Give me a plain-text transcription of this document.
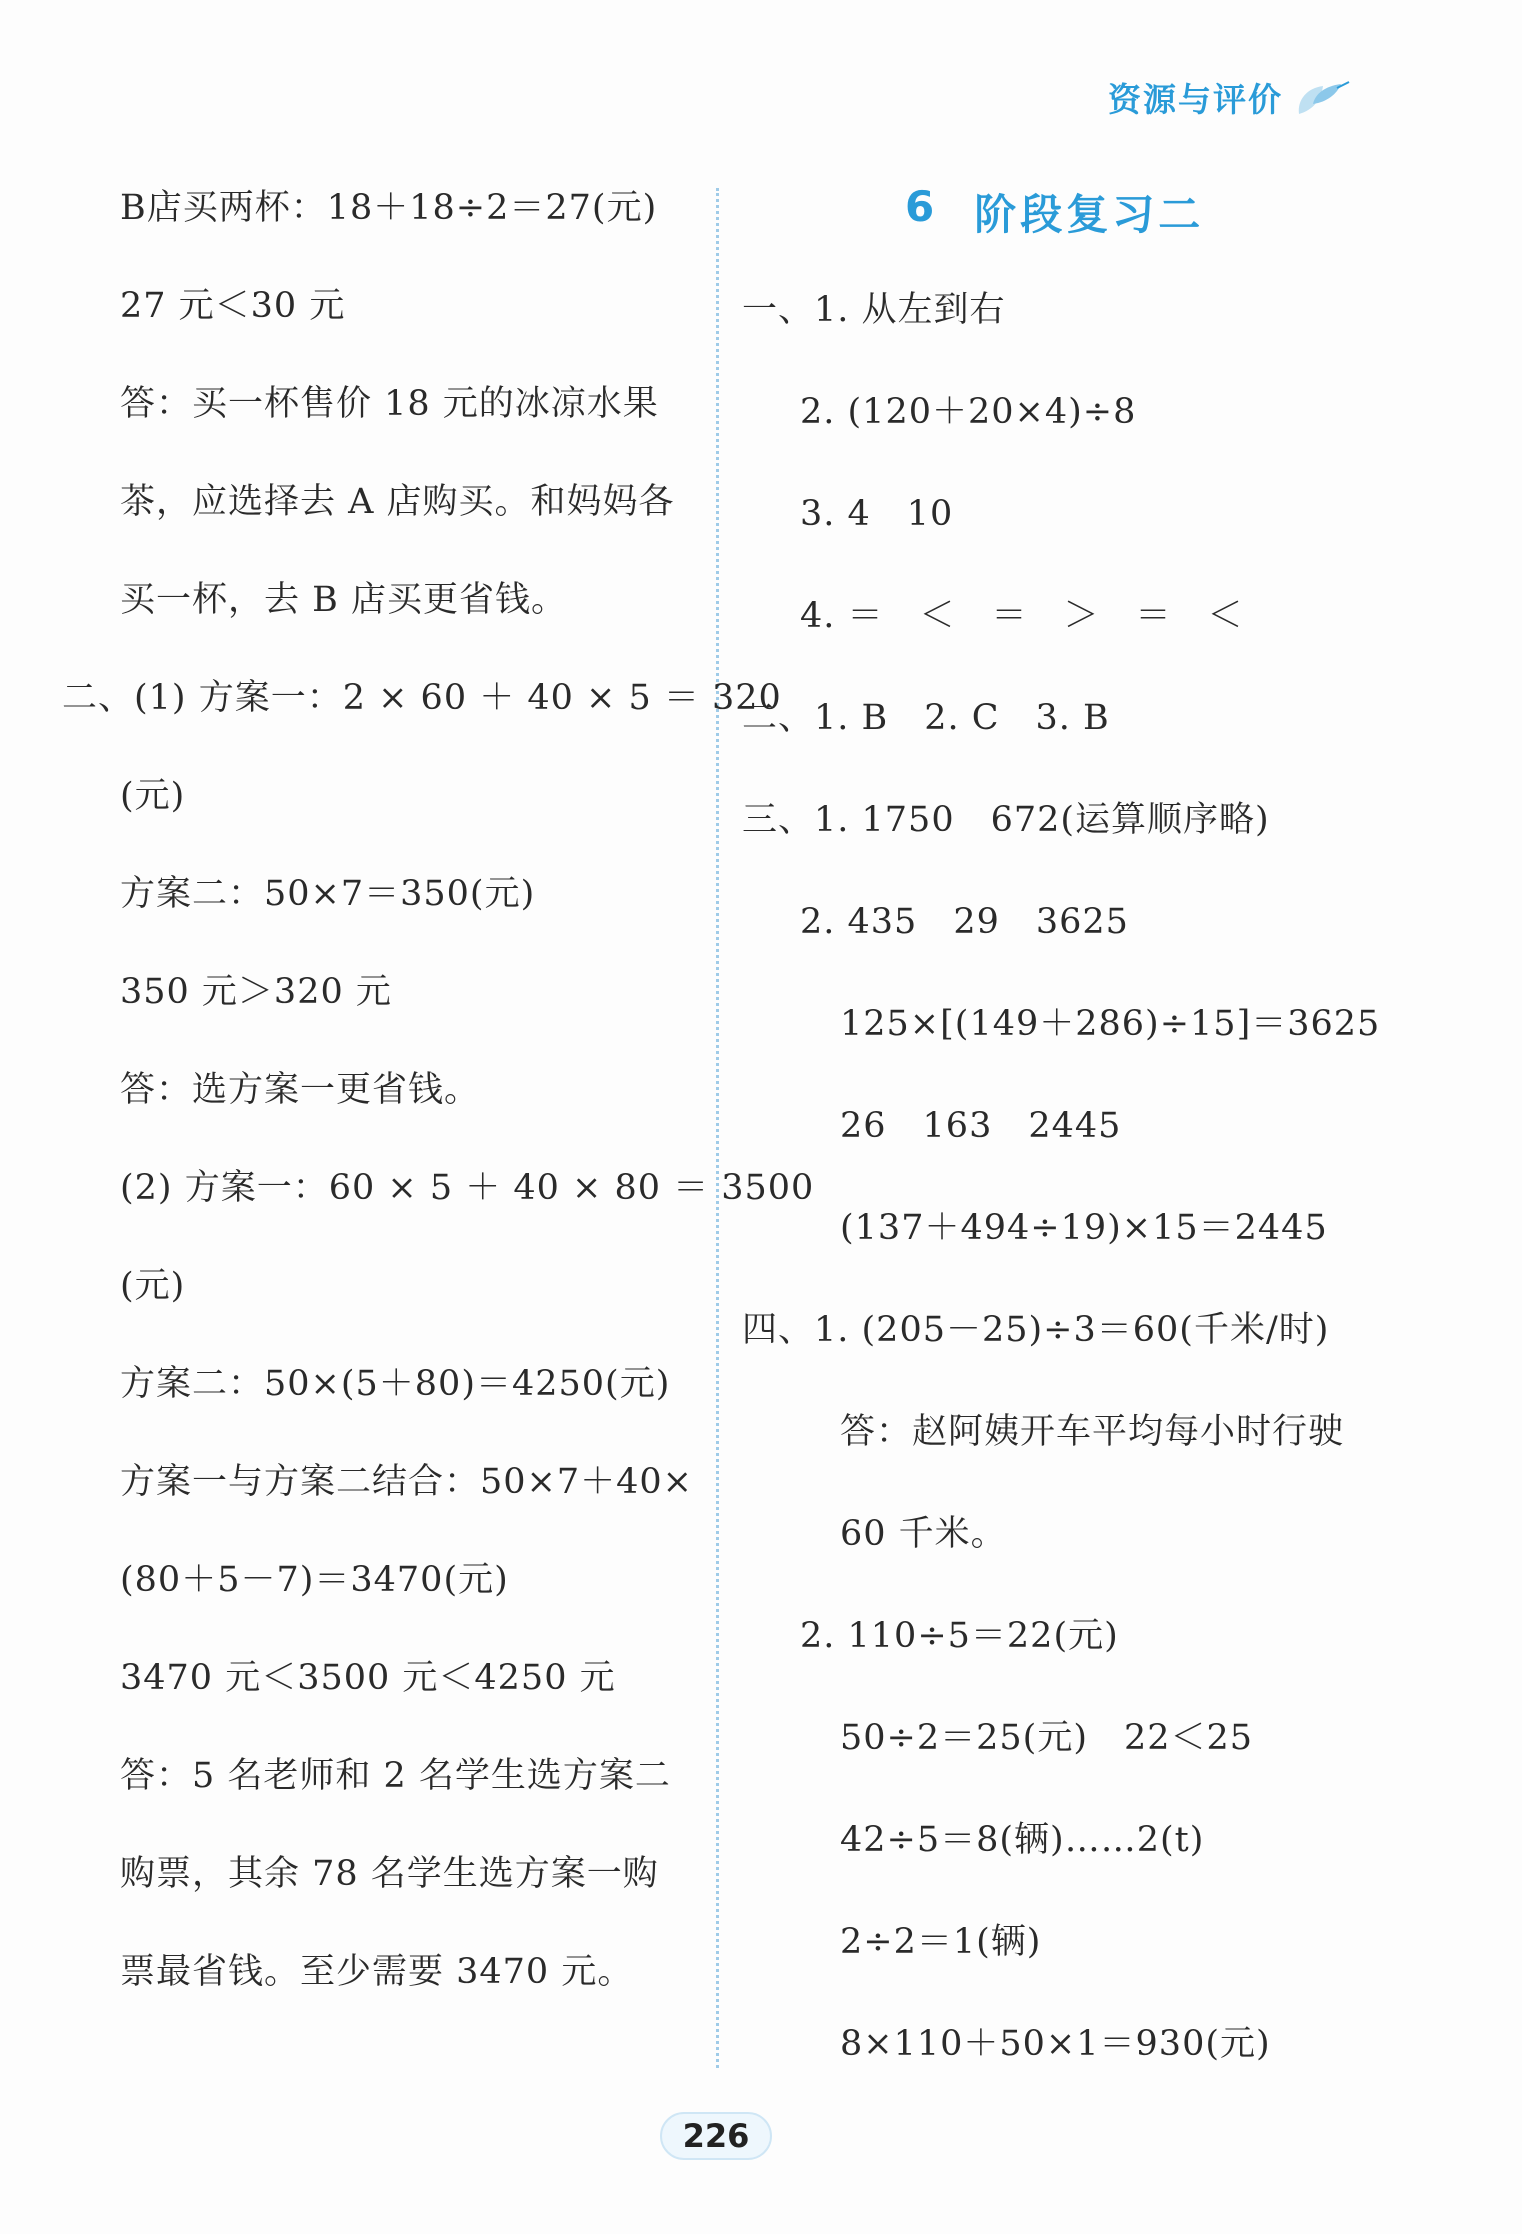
资源与评价
B店买两杯：18＋18÷2＝27(元)
27 元＜30 元
答：买一杯售价 18 元的冰凉水果
茶，应选择去 A 店购买。和妈妈各
买一杯，去 B 店买更省钱。
二、(1) 方案一：2 × 60 ＋ 40 × 5 ＝ 320
(元)
方案二：50×7＝350(元)
350 元＞320 元
答：选方案一更省钱。
(2) 方案一：60 × 5 ＋ 40 × 80 ＝ 3500
(元)
方案二：50×(5＋80)＝4250(元)
方案一与方案二结合：50×7＋40×
(80＋5－7)＝3470(元)
3470 元＜3500 元＜4250 元
答：5 名老师和 2 名学生选方案二
购票，其余 78 名学生选方案一购
票最省钱。至少需要 3470 元。
6 阶段复习二
一、1. 从左到右
2. (120＋20×4)÷8
3. 4　10
4. ＝　＜　＝　＞　＝　＜
二、1. B　2. C　3. B
三、1. 1750　672(运算顺序略)
2. 435　29　3625
125×[(149＋286)÷15]＝3625
26　163　2445
(137＋494÷19)×15＝2445
四、1. (205－25)÷3＝60(千米/时)
答：赵阿姨开车平均每小时行驶
60 千米。
2. 110÷5＝22(元)
50÷2＝25(元)　22＜25
42÷5＝8(辆)……2(t)
2÷2＝1(辆)
8×110＋50×1＝930(元)
226
